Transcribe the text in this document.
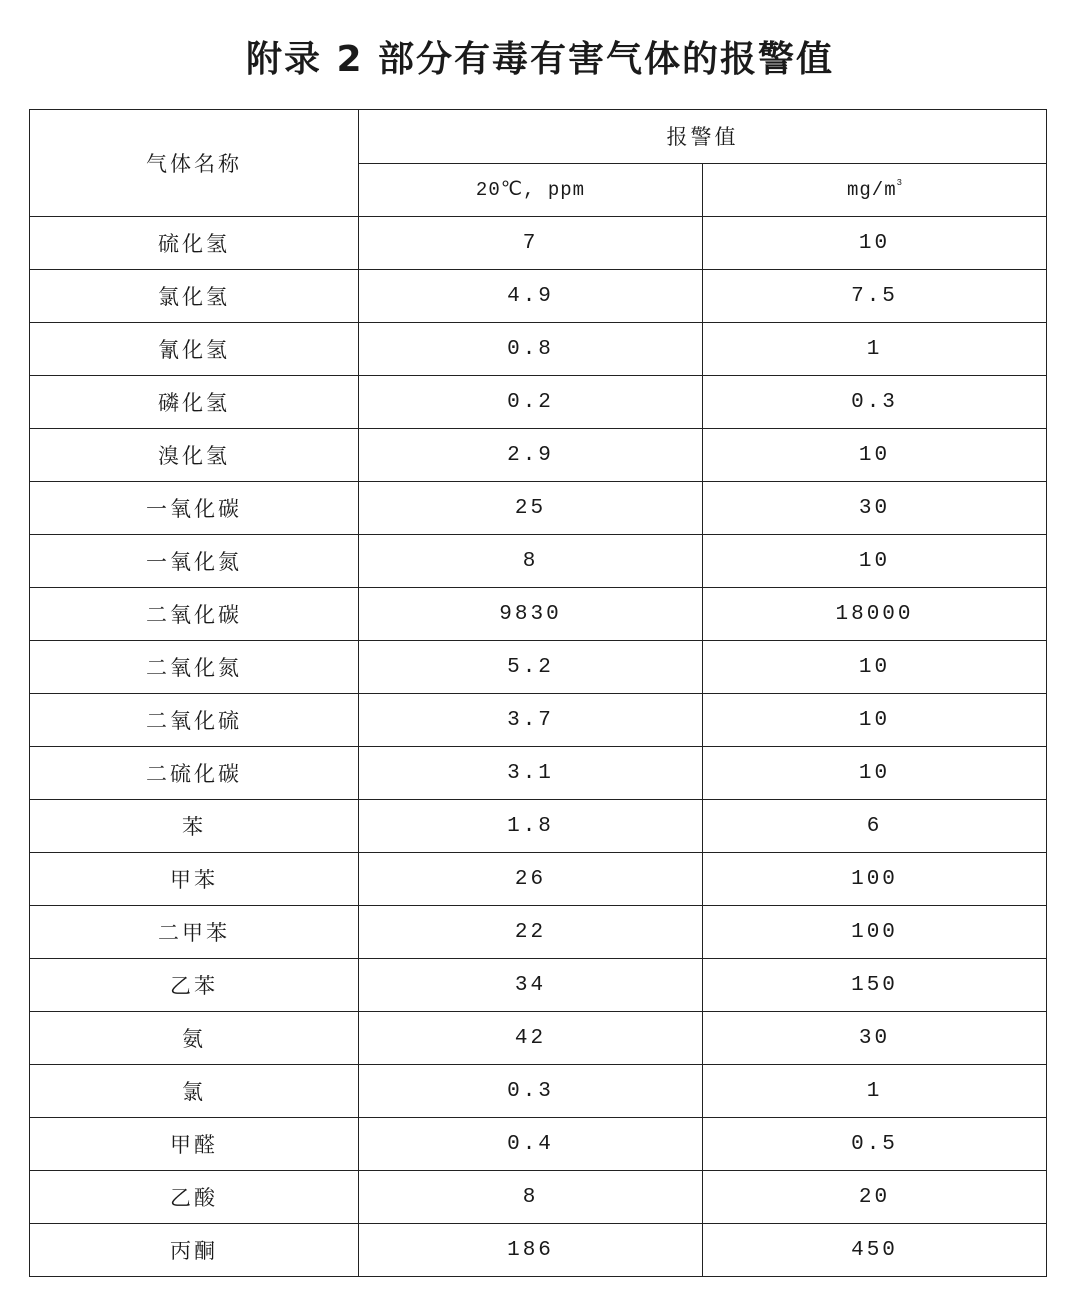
附录 2 部分有毒有害气体的报警值
气体名称	报警值	
	20℃, ppm	$mg/m^3$
硫化氢	7	10
氯化氢	4.9	7.5
氰化氢	0.8	1
磷化氢	0.2	0.3
溴化氢	2.9	10
一氧化碳	25	30
一氧化氮	8	10
二氧化碳	9830	18000
二氧化氮	5.2	10
二氧化硫	3.7	10
二硫化碳	3.1	10
苯	1.8	6
甲苯	26	100
二甲苯	22	100
乙苯	34	150
氨	42	30
氯	0.3	1
甲醛	0.4	0.5
乙酸	8	20
丙酮	186	450
